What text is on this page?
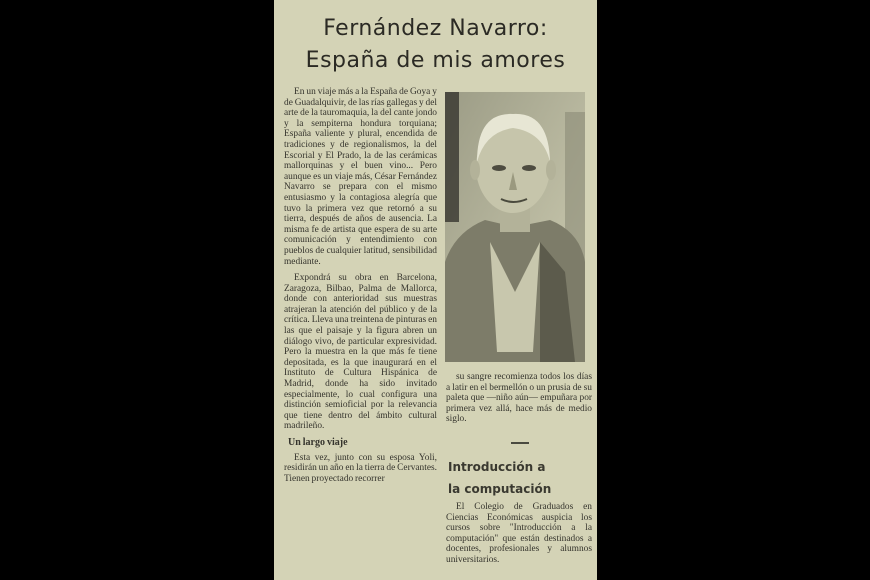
Fernández Navarro:
España de mis amores

En un viaje más a la España de Goya y de Guadalquivir, de las rías gallegas y del arte de la tauromaquia, la del cante jondo y la sempiterna hondura torquiana; España valiente y plural, encendida de tradiciones y de regionalismos, la del Escorial y El Prado, la de las cerámicas mallorquinas y el buen vino... Pero aunque es un viaje más, César Fernández Navarro se prepara con el mismo entusiasmo y la contagiosa alegría que tuvo la primera vez que retornó a su tierra, después de años de ausencia. La misma fe de artista que espera de su arte comunicación y entendimiento con pueblos de cualquier latitud, sensibilidad mediante.

Expondrá su obra en Barcelona, Zaragoza, Bilbao, Palma de Mallorca, donde con anterioridad sus muestras atrajeran la atención del público y de la crítica. Lleva una treintena de pinturas en las que el paisaje y la figura abren un diálogo vivo, de particular expresividad. Pero la muestra en la que más fe tiene depositada, es la que inaugurará en el Instituto de Cultura Hispánica de Madrid, donde ha sido invitado especialmente, lo cual configura una distinción semioficial por la relevancia que tiene dentro del ámbito cultural madrileño.

Un largo viaje

Esta vez, junto con su esposa Yoli, residirán un año en la tierra de Cervantes. Tienen proyectado recorrer

su sangre recomienza todos los días a latir en el bermellón o un prusia de su paleta que —niño aún— empuñara por primera vez allá, hace más de medio siglo.

Introducción a
la computación

El Colegio de Graduados en Ciencias Económicas auspicia los cursos sobre "Introducción a la computación" que están destinados a docentes, profesionales y alumnos universitarios.
